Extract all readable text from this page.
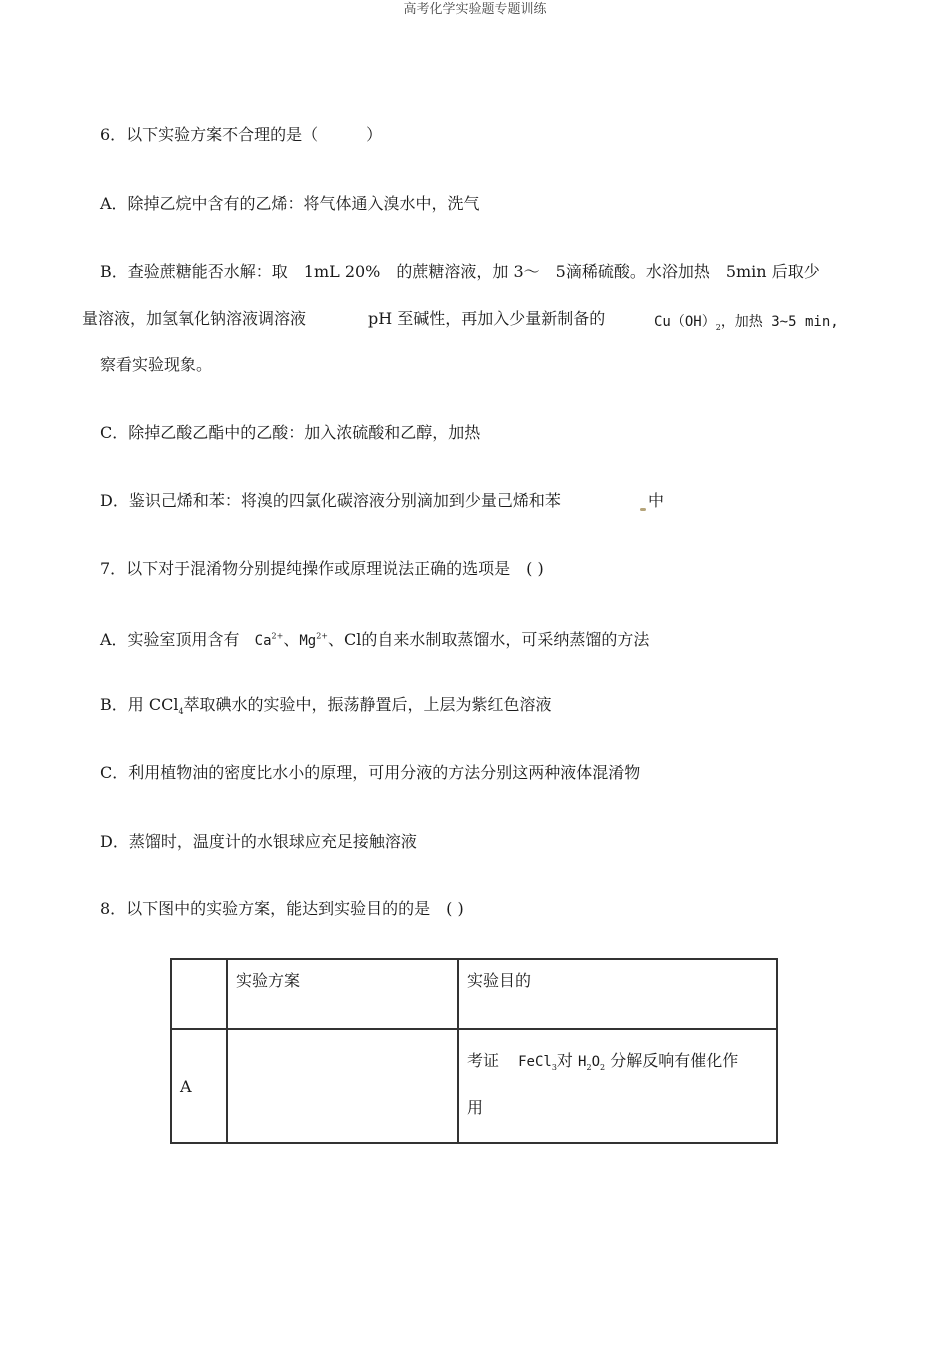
高考化学实验题专题训练
6．以下实验方案不合理的是（　　　）
A．除掉乙烷中含有的乙烯：将气体通入溴水中，洗气
B．查验蔗糖能否水解：取　1mL 20%　的蔗糖溶液，加 3～　5滴稀硫酸。水浴加热　5min 后取少
量溶液，加氢氧化钠溶液调溶液	pH 至碱性，再加入少量新制备的	$Cu(OH)_2$，加热 3~5 min,
察看实验现象。
C．除掉乙酸乙酯中的乙酸：加入浓硫酸和乙醇，加热
D．鉴识己烯和苯：将溴的四氯化碳溶液分别滴加到少量己烯和苯	中
7．以下对于混淆物分别提纯操作或原理说法正确的选项是　( )
A．实验室顶用含有 $Ca^{2+}$、$Mg^{2+}$、Cl的自来水制取蒸馏水，可采纳蒸馏的方法
B．用 CCl$_4$萃取碘水的实验中，振荡静置后，上层为紫红色溶液
C．利用植物油的密度比水小的原理，可用分液的方法分别这两种液体混淆物
D．蒸馏时，温度计的水银球应充足接触溶液
8．以下图中的实验方案，能达到实验目的的是　( )
	实验方案	实验目的
A		考证 FeCl$_3$对 $H_2O_2$ 分解反响有催化作
用
